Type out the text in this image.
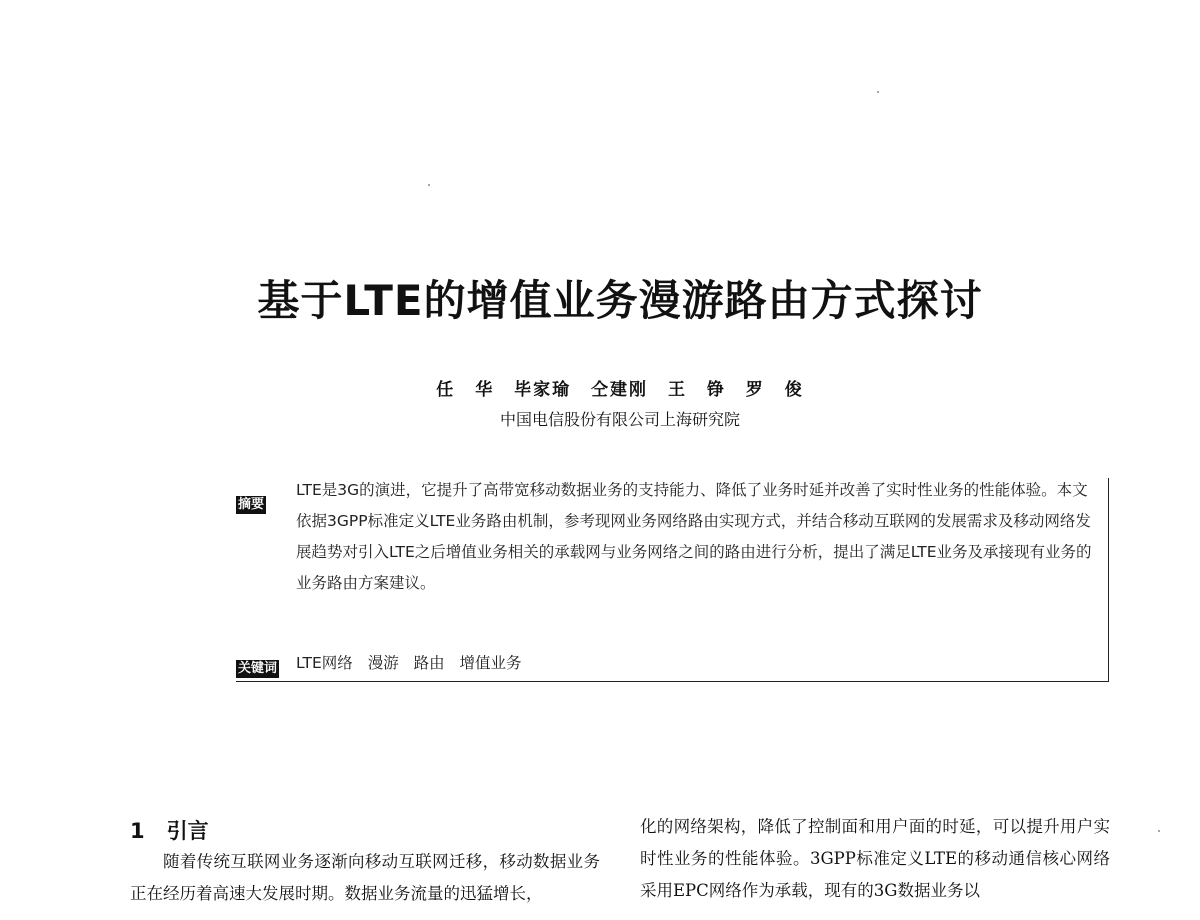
基于LTE的增值业务漫游路由方式探讨
任 华 毕家瑜 仝建刚 王 铮 罗 俊
中国电信股份有限公司上海研究院
摘要
LTE是3G的演进，它提升了高带宽移动数据业务的支持能力、降低了业务时延并改善了实时性业务的性能体验。本文依据3GPP标准定义LTE业务路由机制，参考现网业务网络路由实现方式，并结合移动互联网的发展需求及移动网络发展趋势对引入LTE之后增值业务相关的承载网与业务网络之间的路由进行分析，提出了满足LTE业务及承接现有业务的业务路由方案建议。
关键词 LTE网络 漫游 路由 增值业务
1 引言

随着传统互联网业务逐渐向移动互联网迁移，移动数据业务正在经历着高速大发展时期。数据业务流量的迅猛增长，

化的网络架构，降低了控制面和用户面的时延，可以提升用户实时性业务的性能体验。3GPP标准定义LTE的移动通信核心网络采用EPC网络作为承载，现有的3G数据业务以
